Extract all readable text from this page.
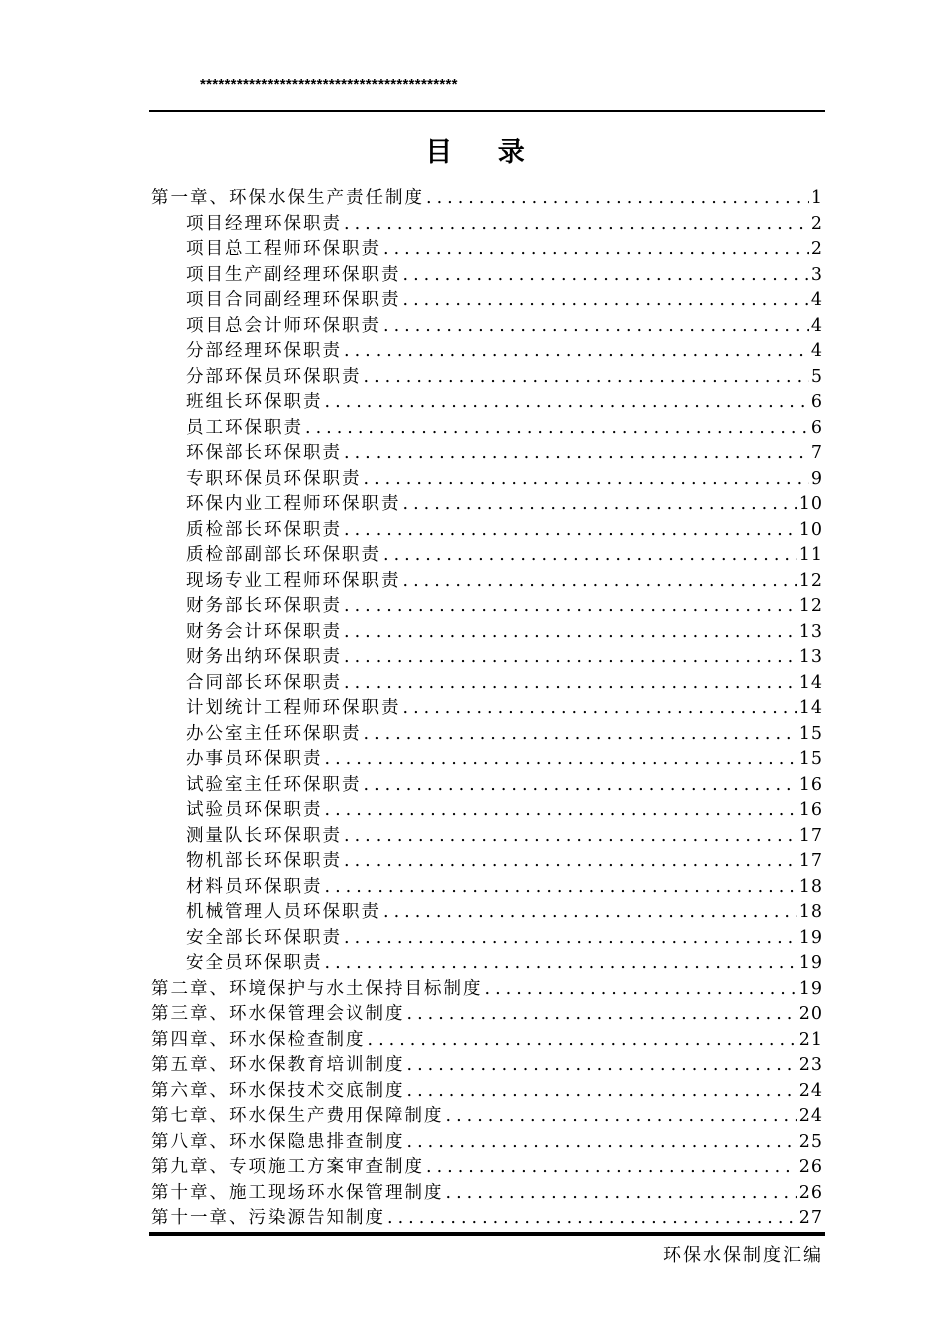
******************************************
目 录
第一章、环保水保生产责任制度 .....	1
项目经理环保职责 .....	2
项目总工程师环保职责 .....	2
项目生产副经理环保职责 .....	3
项目合同副经理环保职责 .....	4
项目总会计师环保职责 .....	4
分部经理环保职责 .....	4
分部环保员环保职责 .....	5
班组长环保职责 .....	6
员工环保职责 .....	6
环保部长环保职责 .....	7
专职环保员环保职责 .....	9
环保内业工程师环保职责 .....	10
质检部长环保职责 .....	10
质检部副部长环保职责 .....	11
现场专业工程师环保职责 .....	12
财务部长环保职责 .....	12
财务会计环保职责 .....	13
财务出纳环保职责 .....	13
合同部长环保职责 .....	14
计划统计工程师环保职责 .....	14
办公室主任环保职责 .....	15
办事员环保职责 .....	15
试验室主任环保职责 .....	16
试验员环保职责 .....	16
测量队长环保职责 .....	17
物机部长环保职责 .....	17
材料员环保职责 .....	18
机械管理人员环保职责 .....	18
安全部长环保职责 .....	19
安全员环保职责 .....	19
第二章、环境保护与水土保持目标制度 .....	19
第三章、环水保管理会议制度 .....	20
第四章、环水保检查制度 .....	21
第五章、环水保教育培训制度 .....	23
第六章、环水保技术交底制度 .....	24
第七章、环水保生产费用保障制度 .....	24
第八章、环水保隐患排查制度 .....	25
第九章、专项施工方案审查制度 .....	26
第十章、施工现场环水保管理制度 .....	26
第十一章、污染源告知制度 .....	27
环保水保制度汇编
